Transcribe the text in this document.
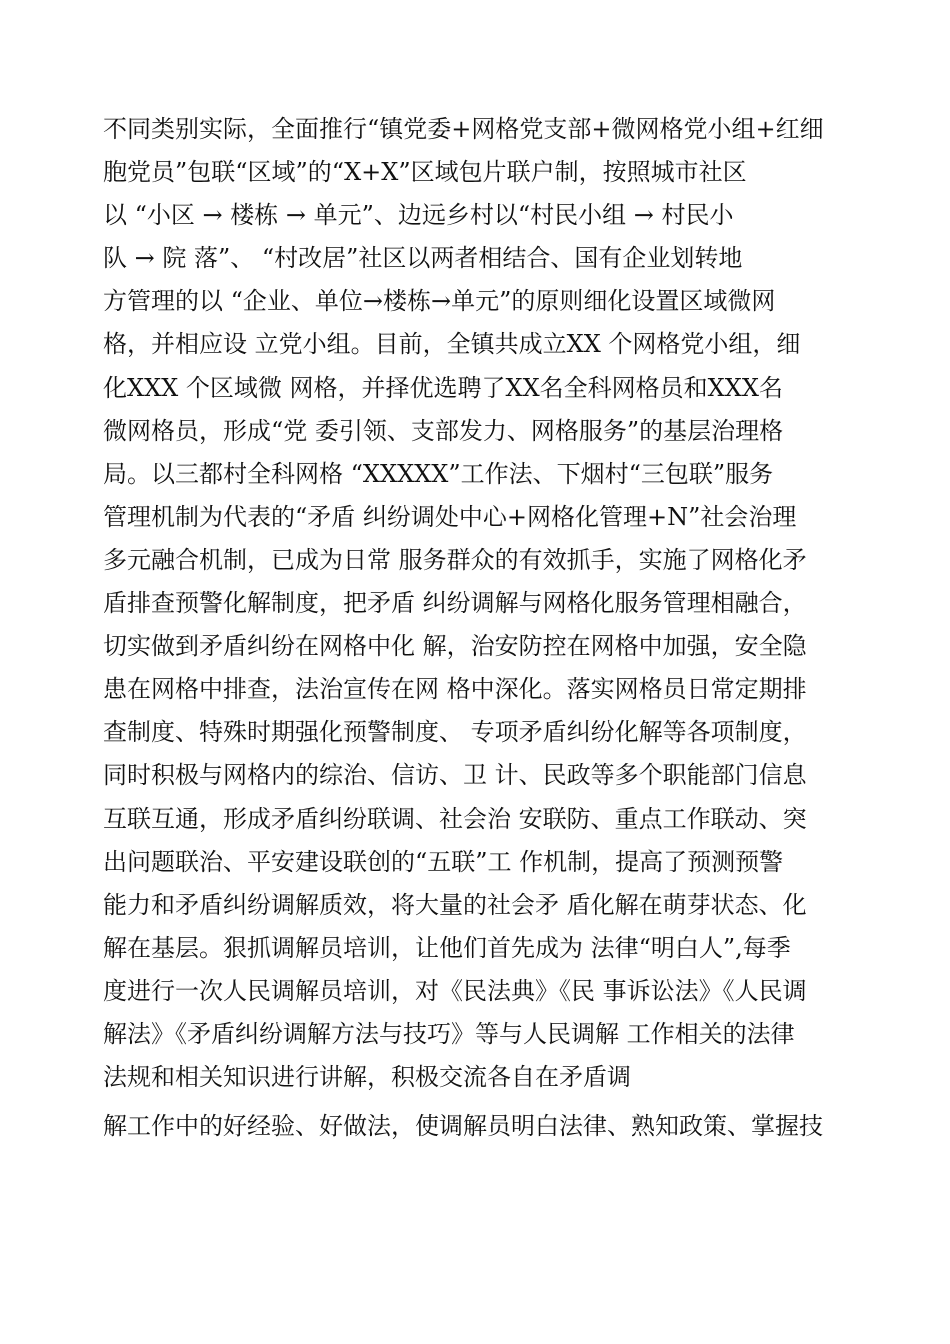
不同类别实际，全面推行“镇党委+网格党支部+微网格党小组+红细
胞党员”包联“区域”的“X+X”区域包片联户制，按照城市社区
以 “小区 → 楼栋 → 单元”、边远乡村以“村民小组 → 村民小
队 → 院 落”、 “村改居”社区以两者相结合、国有企业划转地
方管理的以 “企业、单位→楼栋→单元”的原则细化设置区域微网
格，并相应设 立党小组。目前，全镇共成立XX 个网格党小组，细
化XXX 个区域微 网格，并择优选聘了XX名全科网格员和XXX名
微网格员，形成“党 委引领、支部发力、网格服务”的基层治理格
局。以三都村全科网格 “XXXXX”工作法、下烟村“三包联”服务
管理机制为代表的“矛盾 纠纷调处中心+网格化管理+N”社会治理
多元融合机制，已成为日常 服务群众的有效抓手，实施了网格化矛
盾排查预警化解制度，把矛盾 纠纷调解与网格化服务管理相融合，
切实做到矛盾纠纷在网格中化 解，治安防控在网格中加强，安全隐
患在网格中排查，法治宣传在网 格中深化。落实网格员日常定期排
查制度、特殊时期强化预警制度、 专项矛盾纠纷化解等各项制度，
同时积极与网格内的综治、信访、卫 计、民政等多个职能部门信息
互联互通，形成矛盾纠纷联调、社会治 安联防、重点工作联动、突
出问题联治、平安建设联创的“五联”工 作机制，提高了预测预警
能力和矛盾纠纷调解质效，将大量的社会矛 盾化解在萌芽状态、化
解在基层。狠抓调解员培训，让他们首先成为 法律“明白人”,每季
度进行一次人民调解员培训，对《民法典》《民 事诉讼法》《人民调
解法》《矛盾纠纷调解方法与技巧》等与人民调解 工作相关的法律
法规和相关知识进行讲解，积极交流各自在矛盾调
解工作中的好经验、好做法，使调解员明白法律、熟知政策、掌握技
